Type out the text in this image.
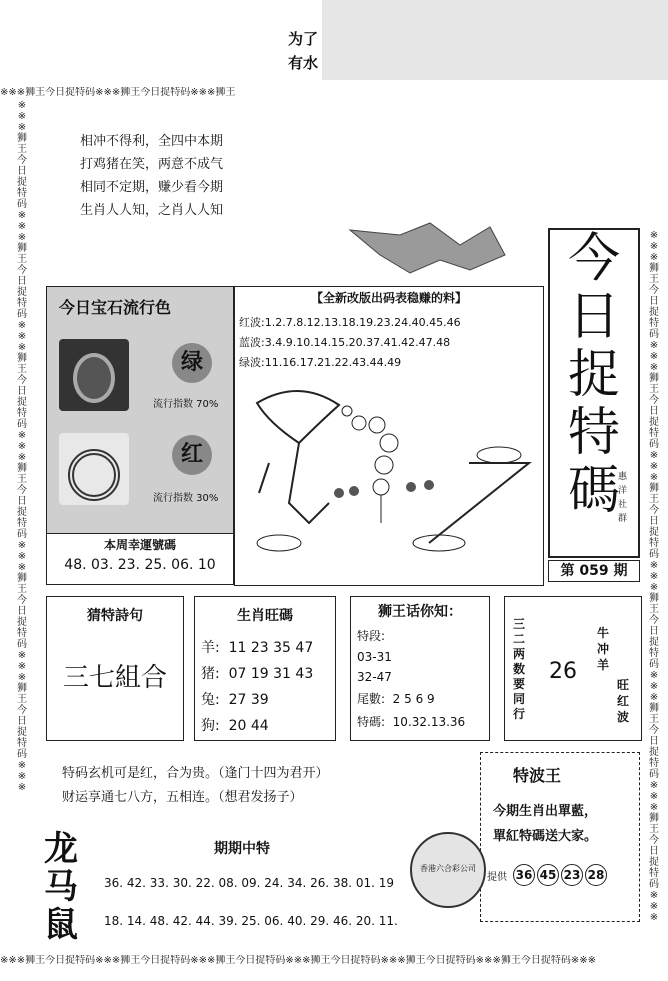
为了
有水
※※※狮王今日捉特码※※※狮王今日捉特码※※※狮王
※※※狮王今日捉特码※※※狮王今日捉特码※※※狮王今日捉特码※※※狮王今日捉特码※※※狮王今日捉特码※※※狮王今日捉特码※※※
※※※狮王今日捉特码※※※狮王今日捉特码※※※狮王今日捉特码※※※狮王今日捉特码※※※狮王今日捉特码※※※狮王今日捉特码※※※
※※※狮王今日捉特码※※※狮王今日捉特码※※※狮王今日捉特码※※※狮王今日捉特码※※※狮王今日捉特码※※※狮王今日捉特码※※※
相冲不得利，全四中本期
打鸡猪在笑，两意不成气
相同不定期，赚少看今期
生肖人人知，之肖人人知
今
日
捉
特
碼
惠 洋 社 群
第 059 期
今日宝石流行色
绿
流行指数 70%
红
流行指数 30%
本周幸運號碼
48. 03. 23. 25. 06. 10
【全新改版出码表稳赚的料】
红波:1.2.7.8.12.13.18.19.23.24.40.45.46
蓝波:3.4.9.10.14.15.20.37.41.42.47.48
绿波:11.16.17.21.22.43.44.49
猜特詩句
三七組合
生肖旺碼
羊:  11 23 35 47
猪:  07 19 31 43
兔:  27 39
狗:  20 44
狮王话你知：
特段:
03-31
32-47
尾數:  2 5 6 9
特碼:  10.32.13.36
三二两数要同行
26
牛冲羊
旺红波
特码玄机可是红，合为贵。（逢门十四为君开）
财运享通七八方，五相连。（想君发扬子）
特波王
今期生肖出單藍，
單紅特碼送大家。
提供 36 45 23 28
香港六合彩公司
龙马鼠
期期中特
36. 42. 33. 30. 22. 08. 09. 24. 34. 26. 38. 01. 19
18. 14. 48. 42. 44. 39. 25. 06. 40. 29. 46. 20. 11.
